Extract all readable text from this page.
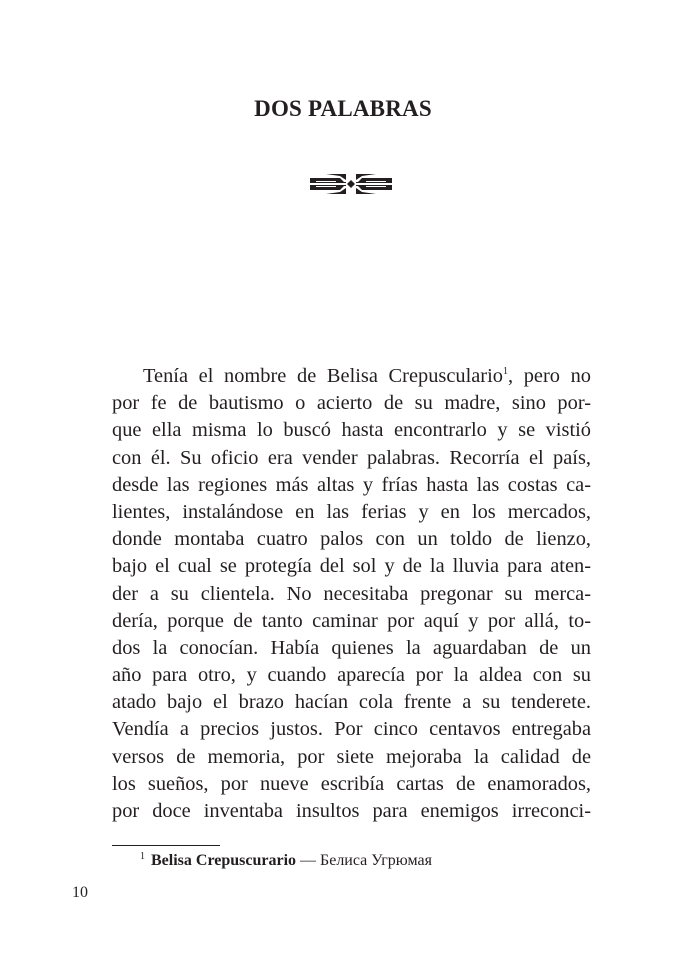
DOS PALABRAS
Tenía el nombre de Belisa Crepusculario$^1$, pero no
por fe de bautismo o acierto de su madre, sino por-
que ella misma lo buscó hasta encontrarlo y se vistió
con él. Su oficio era vender palabras. Recorría el país,
desde las regiones más altas y frías hasta las costas ca-
lientes, instalándose en las ferias y en los mercados,
donde montaba cuatro palos con un toldo de lienzo,
bajo el cual se protegía del sol y de la lluvia para aten-
der a su clientela. No necesitaba pregonar su merca-
dería, porque de tanto caminar por aquí y por allá, to-
dos la conocían. Había quienes la aguardaban de un
año para otro, y cuando aparecía por la aldea con su
atado bajo el brazo hacían cola frente a su tenderete.
Vendía a precios justos. Por cinco centavos entregaba
versos de memoria, por siete mejoraba la calidad de
los sueños, por nueve escribía cartas de enamorados,
por doce inventaba insultos para enemigos irreconci-
$^1$ Belisa Crepuscurario — Белиса Угрюмая
10
